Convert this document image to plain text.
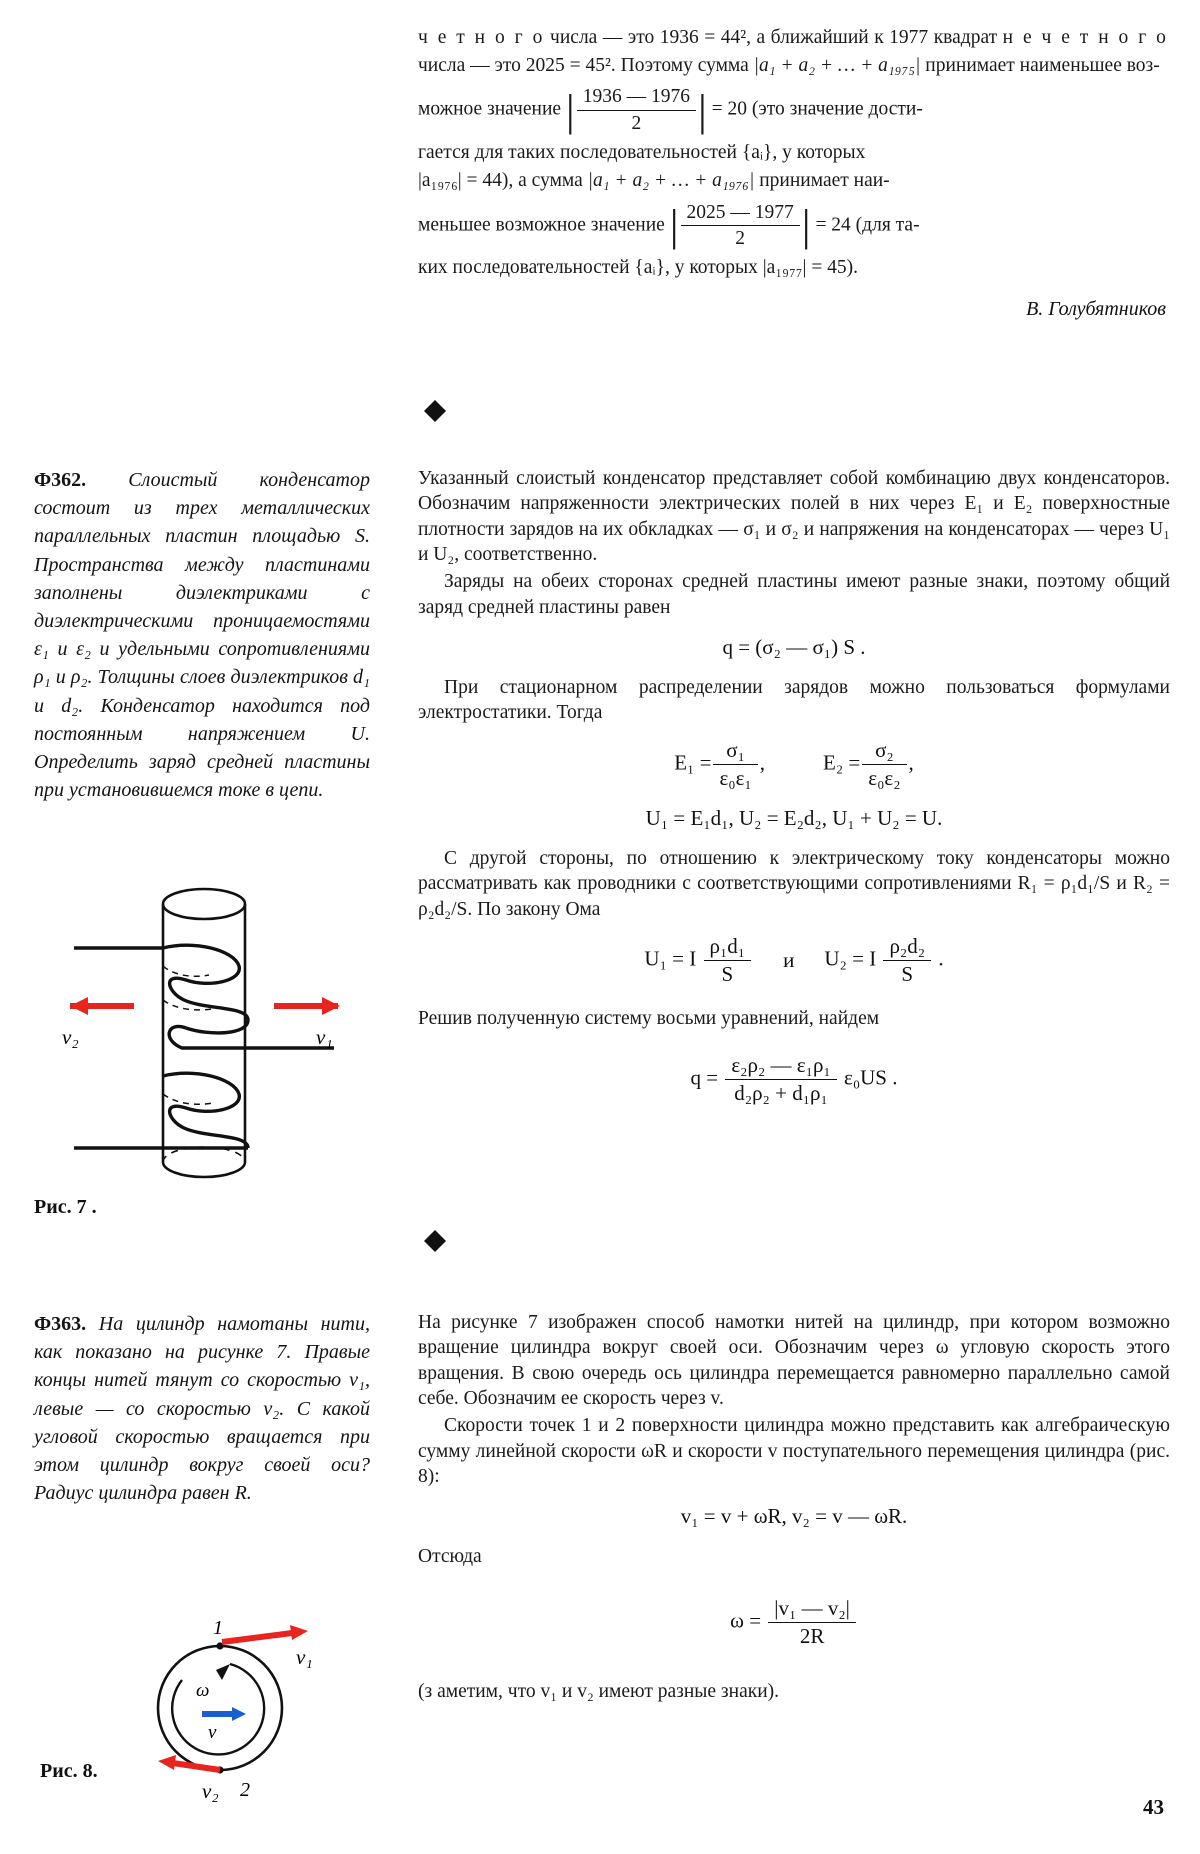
ч е т н о г о числа — это 1936 = 44², а ближайший к 1977 квадрат н е ч е т н о г о числа — это 2025 = 45². Поэтому сумма |a₁ + a₂ + … + a₁₉₇₅| принимает наименьшее воз-
можное значение | $\frac{1936 — 1976}{2}$ | = 20 (это значение дости-
гается для таких последовательностей {aᵢ}, у которых
|a₁₉₇₆| = 44), а сумма |a₁ + a₂ + … + a₁₉₇₆| принимает наи-
меньшее возможное значение | $\frac{2025 — 1977}{2}$ | = 24 (для та-
ких последовательностей {aᵢ}, у которых |a₁₉₇₇| = 45).
В. Голубятников
Ф362. Слоистый конденсатор состоит из трех металлических параллельных пластин площадью S. Пространства между пластинами заполнены диэлектриками с диэлектрическими проницаемостями ε₁ и ε₂ и удельными сопротивлениями ρ₁ и ρ₂. Толщины слоев диэлектриков d₁ и d₂. Конденсатор находится под постоянным напряжением U. Определить заряд средней пластины при установившемся токе в цепи.
v₂	v₁
Рис. 7 .
Указанный слоистый конденсатор представляет собой комбинацию двух конденсаторов. Обозначим напряженности электрических полей в них через E₁ и E₂ поверхностные плотности зарядов на их обкладках — σ₁ и σ₂ и напряжения на конденсаторах — через U₁ и U₂, соответственно.
Заряды на обеих сторонах средней пластины имеют разные знаки, поэтому общий заряд средней пластины равен
q = (σ₂ — σ₁) S .
При стационарном распределении зарядов можно пользоваться формулами электростатики. Тогда
$E_1 = \frac{\text{σ₁}}{\text{ε₀ε₁}}$ ,	$E_2 = \frac{\text{σ₂}}{\text{ε₀ε₂}}$ ,
U₁ = E₁d₁, U₂ = E₂d₂, U₁ + U₂ = U.
С другой стороны, по отношению к электрическому току конденсаторы можно рассматривать как проводники с соответствующими сопротивлениями R₁ = ρ₁d₁/S и R₂ = ρ₂d₂/S. По закону Ома
U₁ = I $\frac{\text{ρ₁d₁}}{S}$ и U₂ = I $\frac{\text{ρ₂d₂}}{S}$ .
Решив полученную систему восьми уравнений, найдем
$q = \frac{\text{ε₂ρ₂ — ε₁ρ₁}}{\text{d₂ρ₂ + d₁ρ₁}} \varepsilon_0US$ .
Ф363. На цилиндр намотаны нити, как показано на рисунке 7. Правые концы нитей тянут со скоростью v₁, левые — со скоростью v₂. С какой угловой скоростью вращается при этом цилиндр вокруг своей оси? Радиус цилиндра равен R.
1
2
ω
v
v₁
v₂
Рис. 8.
На рисунке 7 изображен способ намотки нитей на цилиндр, при котором возможно вращение цилиндра вокруг своей оси. Обозначим через ω угловую скорость этого вращения. В свою очередь ось цилиндра перемещается равномерно параллельно самой себе. Обозначим ее скорость через v.
Скорости точек 1 и 2 поверхности цилиндра можно представить как алгебраическую сумму линейной скорости ωR и скорости v поступательного перемещения цилиндра (рис. 8):
v₁ = v + ωR, v₂ = v — ωR.
Отсюда
$\omega = \frac{\text{|v₁ — v₂|}}{2R}$
(з аметим, что v₁ и v₂ имеют разные знаки).
43
